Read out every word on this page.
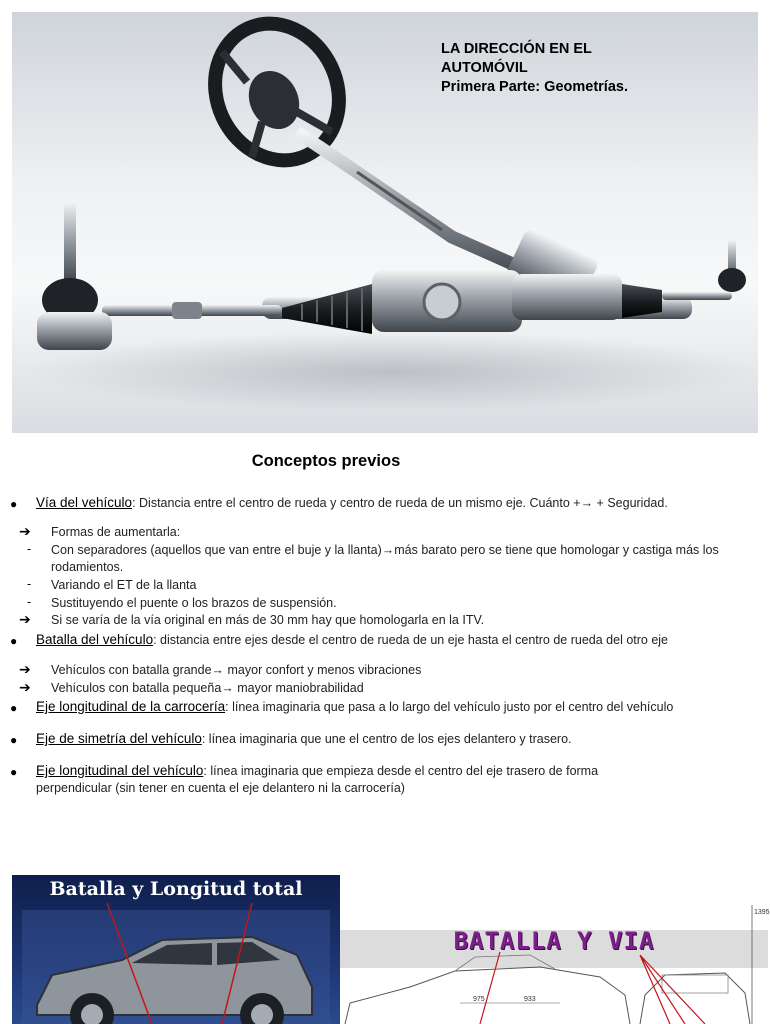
LA DIRECCIÓN EN EL
AUTOMÓVIL
Primera Parte: Geometrías.
Conceptos previos
● Vía del vehículo: Distancia entre el centro de rueda y centro de rueda de un mismo eje. Cuánto +→ + Seguridad.
➔ Formas de aumentarla:
- Con separadores (aquellos que van entre el buje y la llanta)→más barato pero se tiene que homologar y castiga más los
rodamientos.
- Variando el ET de la llanta
- Sustituyendo el puente o los brazos de suspensión.
➔ Si se varía de la vía original en más de 30 mm hay que homologarla en la ITV.
● Batalla del vehículo: distancia entre ejes desde el centro de rueda de un eje hasta el centro de rueda del otro eje
➔ Vehículos con batalla grande→ mayor confort y menos vibraciones
➔ Vehículos con batalla pequeña→ mayor maniobrabilidad
● Eje longitudinal de la carrocería: línea imaginaria que pasa a lo largo del vehículo justo por el centro del vehículo
● Eje de simetría del vehículo: línea imaginaria que une el centro de los ejes delantero y trasero.
● Eje longitudinal del vehículo: línea imaginaria que empieza desde el centro del eje trasero de forma
perpendicular (sin tener en cuenta el eje delantero ni la carrocería)
Batalla y Longitud total
BATALLA Y VIA
975	933
1395
